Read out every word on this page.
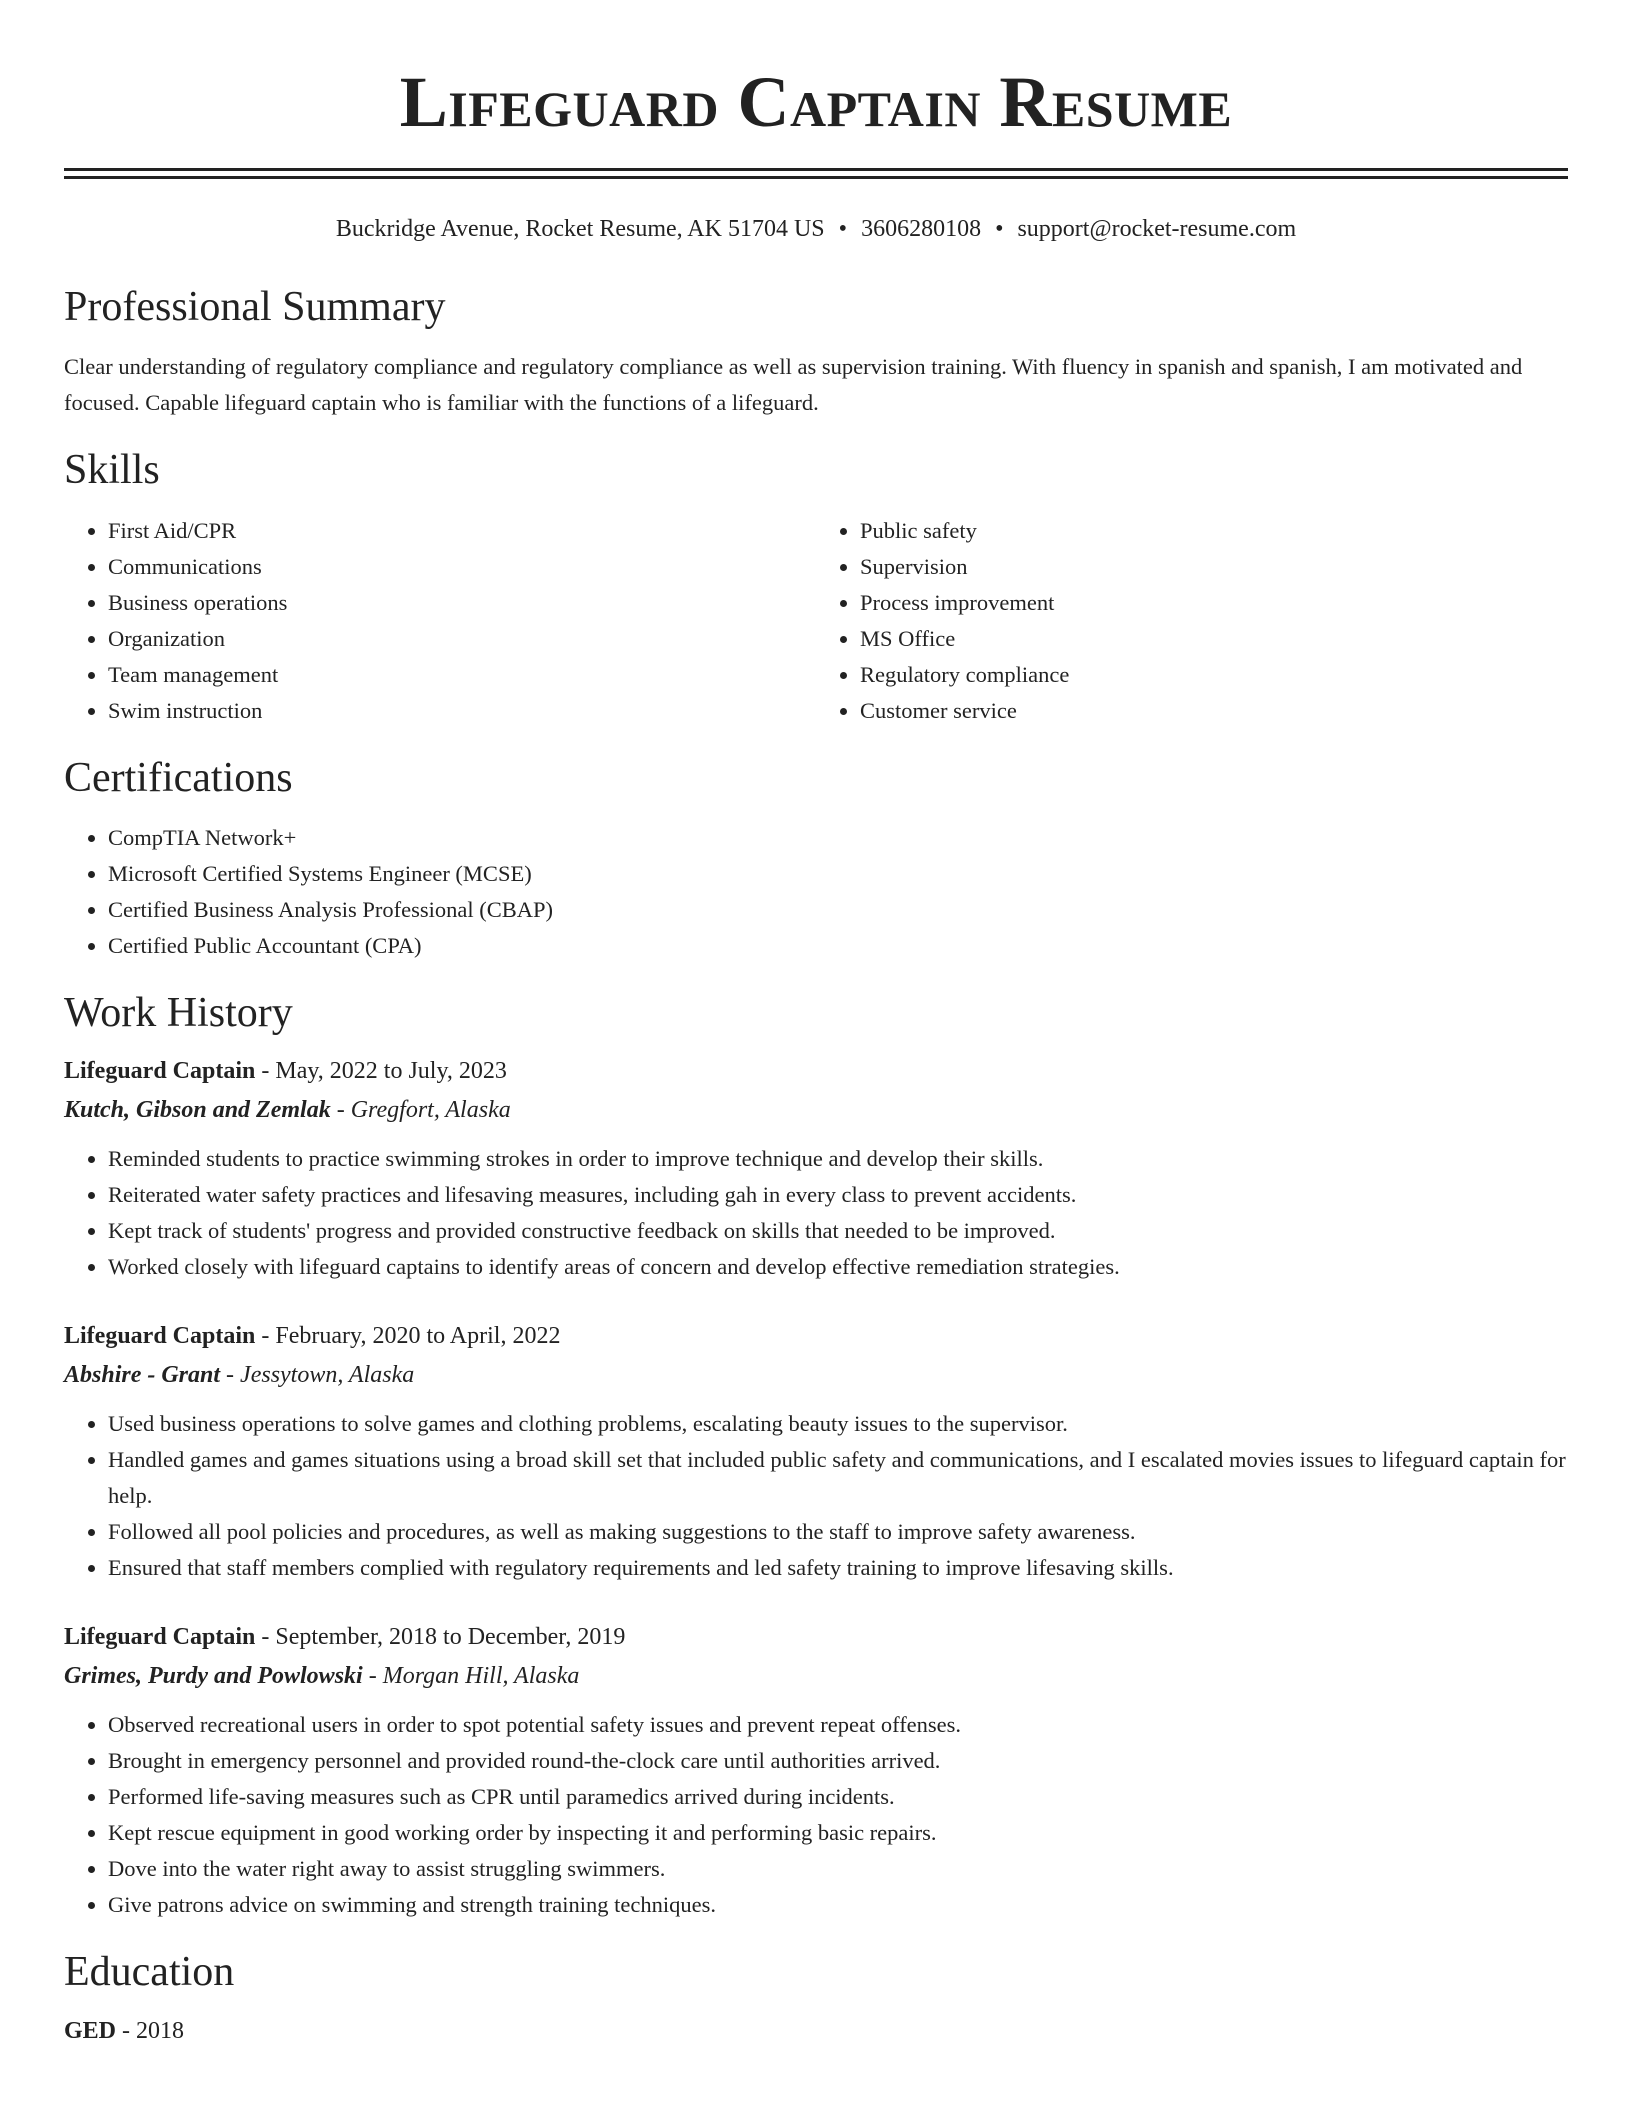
Lifeguard Captain Resume
Buckridge Avenue, Rocket Resume, AK 51704 US • 3606280108 • support@rocket-resume.com
Professional Summary

Clear understanding of regulatory compliance and regulatory compliance as well as supervision training. With fluency in spanish and spanish, I am motivated and focused. Capable lifeguard captain who is familiar with the functions of a lifeguard.

Skills
• First Aid/CPR
• Communications
• Business operations
• Organization
• Team management
• Swim instruction
• Public safety
• Supervision
• Process improvement
• MS Office
• Regulatory compliance
• Customer service
Certifications
• CompTIA Network+
• Microsoft Certified Systems Engineer (MCSE)
• Certified Business Analysis Professional (CBAP)
• Certified Public Accountant (CPA)
Work History
Lifeguard Captain - May, 2022 to July, 2023
Kutch, Gibson and Zemlak - Gregfort, Alaska
• Reminded students to practice swimming strokes in order to improve technique and develop their skills.
• Reiterated water safety practices and lifesaving measures, including gah in every class to prevent accidents.
• Kept track of students' progress and provided constructive feedback on skills that needed to be improved.
• Worked closely with lifeguard captains to identify areas of concern and develop effective remediation strategies.
Lifeguard Captain - February, 2020 to April, 2022
Abshire - Grant - Jessytown, Alaska
• Used business operations to solve games and clothing problems, escalating beauty issues to the supervisor.
• Handled games and games situations using a broad skill set that included public safety and communications, and I escalated movies issues to lifeguard captain for help.
• Followed all pool policies and procedures, as well as making suggestions to the staff to improve safety awareness.
• Ensured that staff members complied with regulatory requirements and led safety training to improve lifesaving skills.
Lifeguard Captain - September, 2018 to December, 2019
Grimes, Purdy and Powlowski - Morgan Hill, Alaska
• Observed recreational users in order to spot potential safety issues and prevent repeat offenses.
• Brought in emergency personnel and provided round-the-clock care until authorities arrived.
• Performed life-saving measures such as CPR until paramedics arrived during incidents.
• Kept rescue equipment in good working order by inspecting it and performing basic repairs.
• Dove into the water right away to assist struggling swimmers.
• Give patrons advice on swimming and strength training techniques.
Education
GED - 2018
